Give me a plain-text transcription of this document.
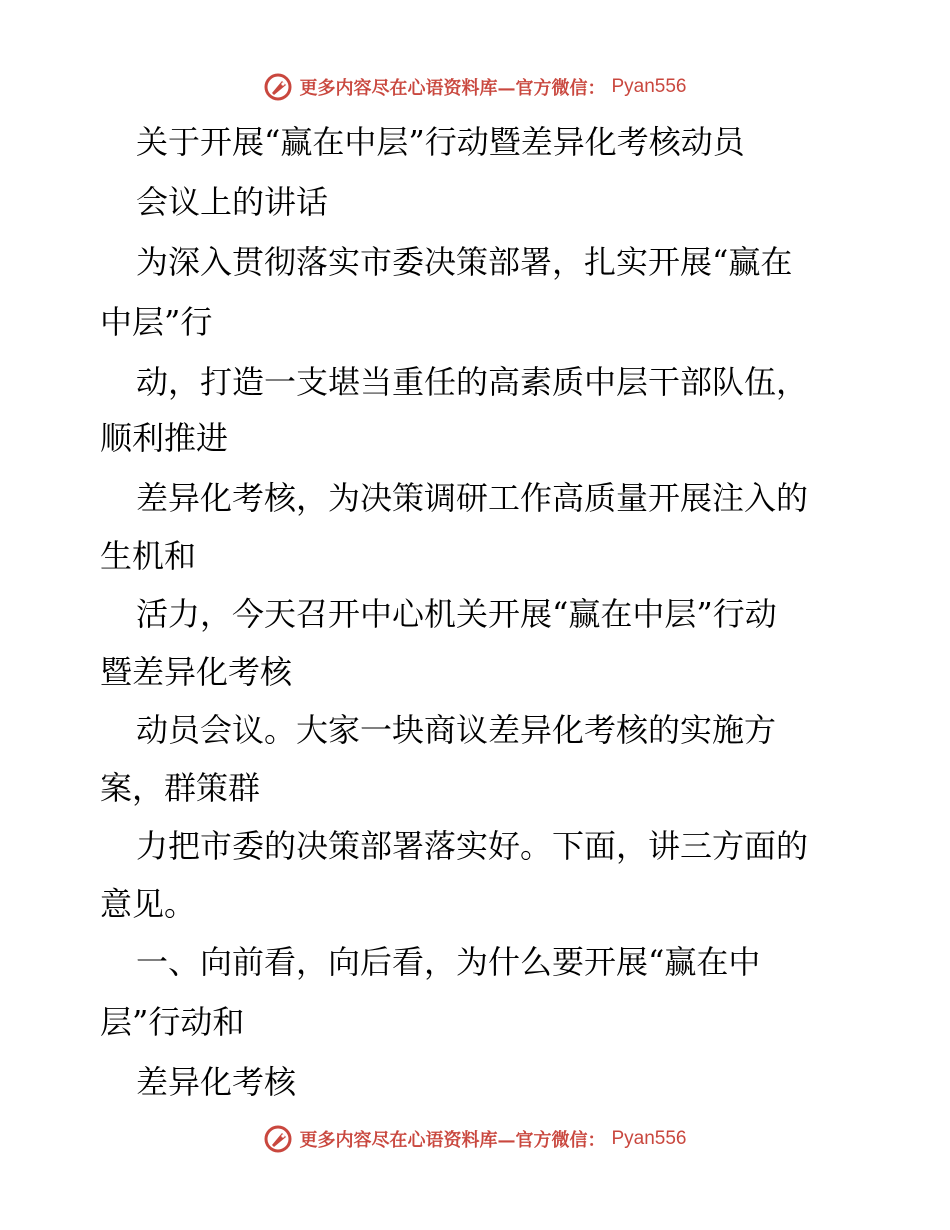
更多内容尽在心语资料库—官方微信： Pyan556
关于开展“赢在中层”行动暨差异化考核动员
会议上的讲话
为深入贯彻落实市委决策部署，扎实开展“赢在
中层”行
动，打造一支堪当重任的高素质中层干部队伍，
顺利推进
差异化考核，为决策调研工作高质量开展注入的
生机和
活力，今天召开中心机关开展“赢在中层”行动
暨差异化考核
动员会议。大家一块商议差异化考核的实施方
案，群策群
力把市委的决策部署落实好。下面，讲三方面的
意见。
一、向前看，向后看，为什么要开展“赢在中
层”行动和
差异化考核
更多内容尽在心语资料库—官方微信： Pyan556
